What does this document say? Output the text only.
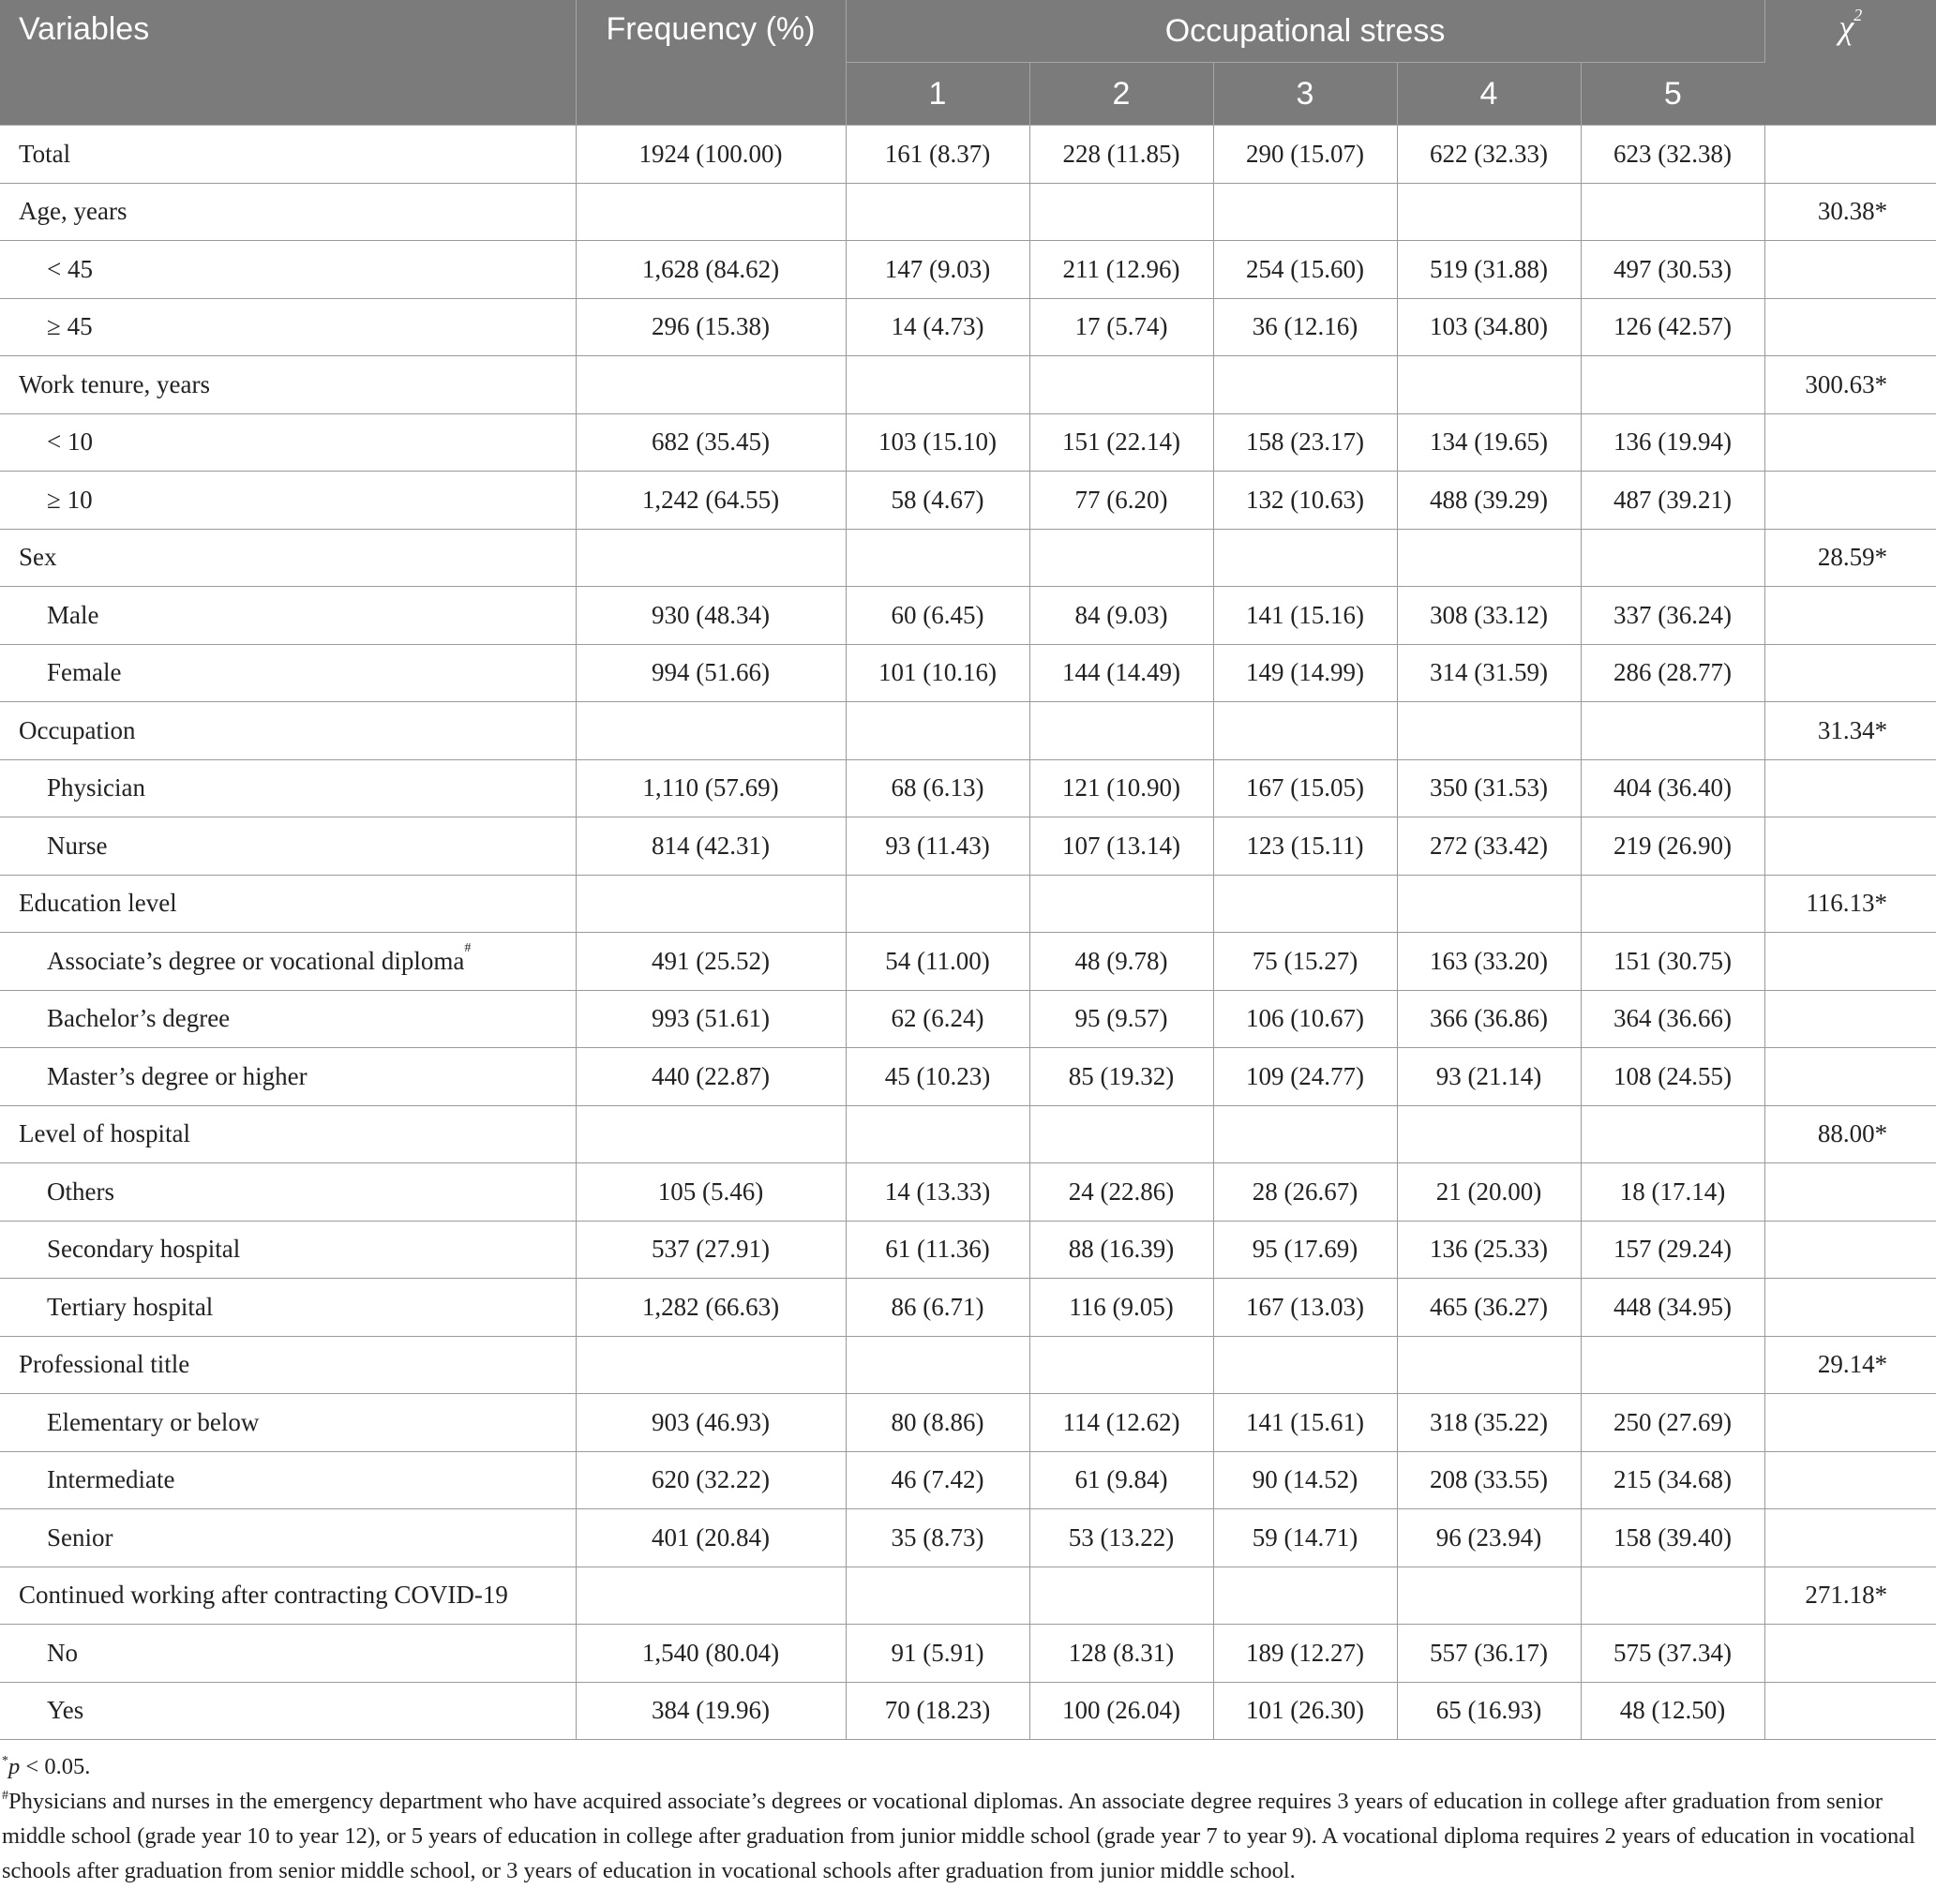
Variables	Frequency (%)	Occupational stress					$\chi^2$
		1	2	3	4	5	
Total	1924 (100.00)	161 (8.37)	228 (11.85)	290 (15.07)	622 (32.33)	623 (32.38)	
Age, years							30.38*
< 45	1,628 (84.62)	147 (9.03)	211 (12.96)	254 (15.60)	519 (31.88)	497 (30.53)	
≥ 45	296 (15.38)	14 (4.73)	17 (5.74)	36 (12.16)	103 (34.80)	126 (42.57)	
Work tenure, years							300.63*
< 10	682 (35.45)	103 (15.10)	151 (22.14)	158 (23.17)	134 (19.65)	136 (19.94)	
≥ 10	1,242 (64.55)	58 (4.67)	77 (6.20)	132 (10.63)	488 (39.29)	487 (39.21)	
Sex							28.59*
Male	930 (48.34)	60 (6.45)	84 (9.03)	141 (15.16)	308 (33.12)	337 (36.24)	
Female	994 (51.66)	101 (10.16)	144 (14.49)	149 (14.99)	314 (31.59)	286 (28.77)	
Occupation							31.34*
Physician	1,110 (57.69)	68 (6.13)	121 (10.90)	167 (15.05)	350 (31.53)	404 (36.40)	
Nurse	814 (42.31)	93 (11.43)	107 (13.14)	123 (15.11)	272 (33.42)	219 (26.90)	
Education level							116.13*
Associate’s degree or vocational diploma#	491 (25.52)	54 (11.00)	48 (9.78)	75 (15.27)	163 (33.20)	151 (30.75)	
Bachelor’s degree	993 (51.61)	62 (6.24)	95 (9.57)	106 (10.67)	366 (36.86)	364 (36.66)	
Master’s degree or higher	440 (22.87)	45 (10.23)	85 (19.32)	109 (24.77)	93 (21.14)	108 (24.55)	
Level of hospital							88.00*
Others	105 (5.46)	14 (13.33)	24 (22.86)	28 (26.67)	21 (20.00)	18 (17.14)	
Secondary hospital	537 (27.91)	61 (11.36)	88 (16.39)	95 (17.69)	136 (25.33)	157 (29.24)	
Tertiary hospital	1,282 (66.63)	86 (6.71)	116 (9.05)	167 (13.03)	465 (36.27)	448 (34.95)	
Professional title							29.14*
Elementary or below	903 (46.93)	80 (8.86)	114 (12.62)	141 (15.61)	318 (35.22)	250 (27.69)	
Intermediate	620 (32.22)	46 (7.42)	61 (9.84)	90 (14.52)	208 (33.55)	215 (34.68)	
Senior	401 (20.84)	35 (8.73)	53 (13.22)	59 (14.71)	96 (23.94)	158 (39.40)	
Continued working after contracting COVID-19							271.18*
No	1,540 (80.04)	91 (5.91)	128 (8.31)	189 (12.27)	557 (36.17)	575 (37.34)	
Yes	384 (19.96)	70 (18.23)	100 (26.04)	101 (26.30)	65 (16.93)	48 (12.50)	

*p < 0.05.

#Physicians and nurses in the emergency department who have acquired associate’s degrees or vocational diplomas. An associate degree requires 3 years of education in college after graduation from senior middle school (grade year 10 to year 12), or 5 years of education in college after graduation from junior middle school (grade year 7 to year 9). A vocational diploma requires 2 years of education in vocational schools after graduation from senior middle school, or 3 years of education in vocational schools after graduation from junior middle school.
